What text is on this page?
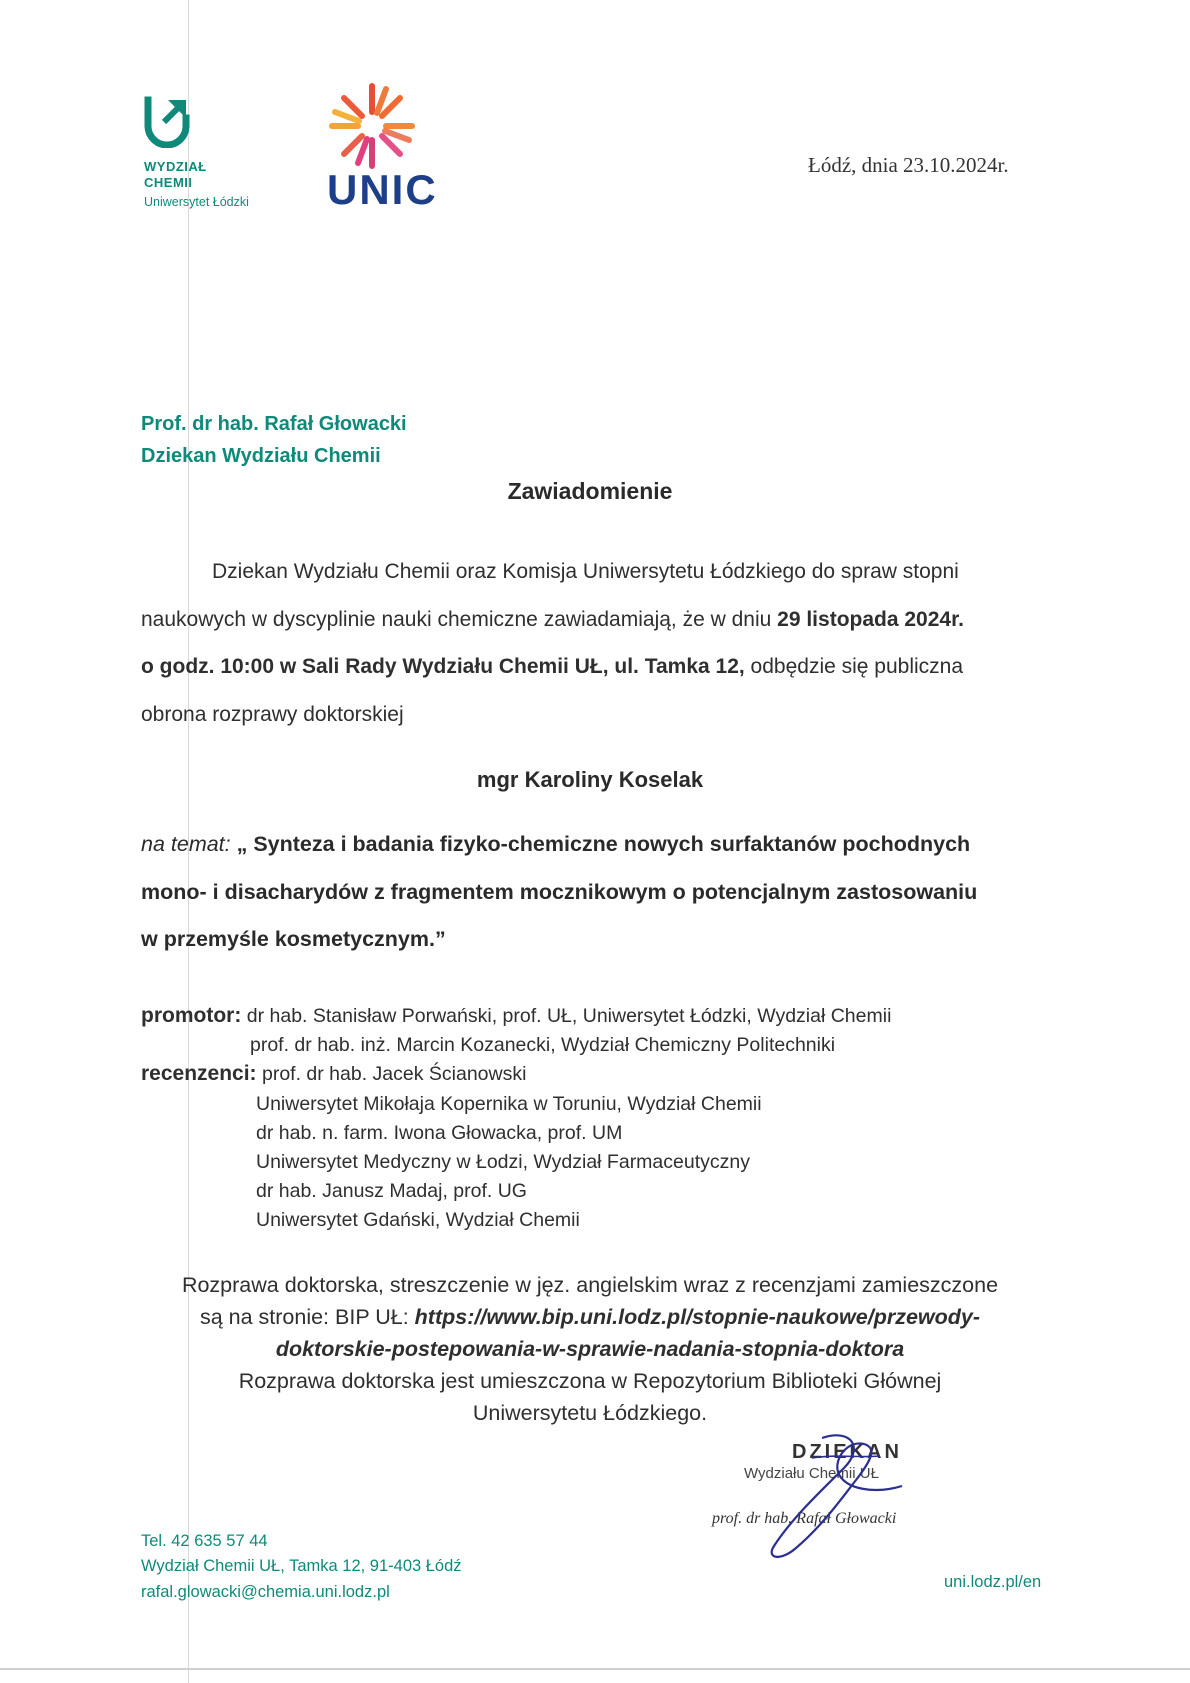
WYDZIAŁ
CHEMII
Uniwersytet Łódzki UNIC
Łódź, dnia 23.10.2024r.
Prof. dr hab. Rafał Głowacki
Dziekan Wydziału Chemii
Zawiadomienie
Dziekan Wydziału Chemii oraz Komisja Uniwersytetu Łódzkiego do spraw stopni
naukowych w dyscyplinie nauki chemiczne zawiadamiają, że w dniu 29 listopada 2024r.
o godz. 10:00 w Sali Rady Wydziału Chemii UŁ, ul. Tamka 12, odbędzie się publiczna
obrona rozprawy doktorskiej
mgr Karoliny Koselak
na temat: „ Synteza i badania fizyko-chemiczne nowych surfaktanów pochodnych
mono- i disacharydów z fragmentem mocznikowym o potencjalnym zastosowaniu
w przemyśle kosmetycznym.”
promotor: dr hab. Stanisław Porwański, prof. UŁ, Uniwersytet Łódzki, Wydział Chemii
prof. dr hab. inż. Marcin Kozanecki, Wydział Chemiczny Politechniki
recenzenci: prof. dr hab. Jacek Ścianowski
Uniwersytet Mikołaja Kopernika w Toruniu, Wydział Chemii
dr hab. n. farm. Iwona Głowacka, prof. UM
Uniwersytet Medyczny w Łodzi, Wydział Farmaceutyczny
dr hab. Janusz Madaj, prof. UG
Uniwersytet Gdański, Wydział Chemii
Rozprawa doktorska, streszczenie w jęz. angielskim wraz z recenzjami zamieszczone
są na stronie: BIP UŁ: https://www.bip.uni.lodz.pl/stopnie-naukowe/przewody-
doktorskie-postepowania-w-sprawie-nadania-stopnia-doktora
Rozprawa doktorska jest umieszczona w Repozytorium Biblioteki Głównej
Uniwersytetu Łódzkiego.
DZIEKAN
Wydziału Chemii UŁ
prof. dr hab. Rafał Głowacki
Tel. 42 635 57 44
Wydział Chemii UŁ, Tamka 12, 91-403 Łódź
rafal.glowacki@chemia.uni.lodz.pl
uni.lodz.pl/en
